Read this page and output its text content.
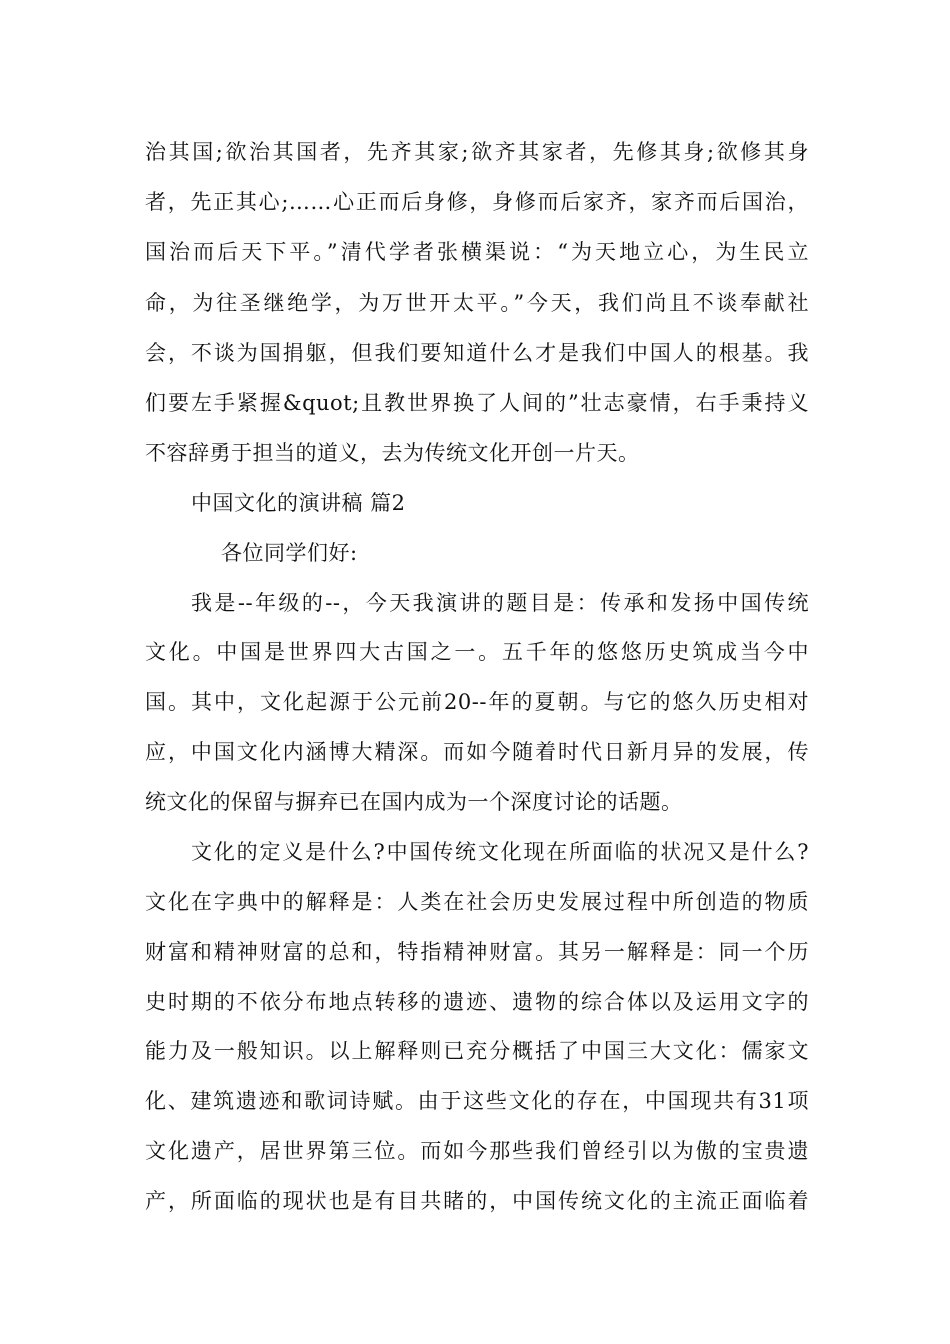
治其国;欲治其国者，先齐其家;欲齐其家者，先修其身;欲修其身
者，先正其心;……心正而后身修，身修而后家齐，家齐而后国治，
国治而后天下平。”清代学者张横渠说：“为天地立心，为生民立
命，为往圣继绝学，为万世开太平。”今天，我们尚且不谈奉献社
会，不谈为国捐躯，但我们要知道什么才是我们中国人的根基。我
们要左手紧握&quot;且教世界换了人间的”壮志豪情，右手秉持义
不容辞勇于担当的道义，去为传统文化开创一片天。
中国文化的演讲稿 篇2
各位同学们好:
我是--年级的--，今天我演讲的题目是：传承和发扬中国传统
文化。中国是世界四大古国之一。五千年的悠悠历史筑成当今中
国。其中，文化起源于公元前20--年的夏朝。与它的悠久历史相对
应，中国文化内涵博大精深。而如今随着时代日新月异的发展，传
统文化的保留与摒弃已在国内成为一个深度讨论的话题。
文化的定义是什么?中国传统文化现在所面临的状况又是什么?
文化在字典中的解释是：人类在社会历史发展过程中所创造的物质
财富和精神财富的总和，特指精神财富。其另一解释是：同一个历
史时期的不依分布地点转移的遗迹、遗物的综合体以及运用文字的
能力及一般知识。以上解释则已充分概括了中国三大文化：儒家文
化、建筑遗迹和歌词诗赋。由于这些文化的存在，中国现共有31项
文化遗产，居世界第三位。而如今那些我们曾经引以为傲的宝贵遗
产，所面临的现状也是有目共睹的，中国传统文化的主流正面临着
